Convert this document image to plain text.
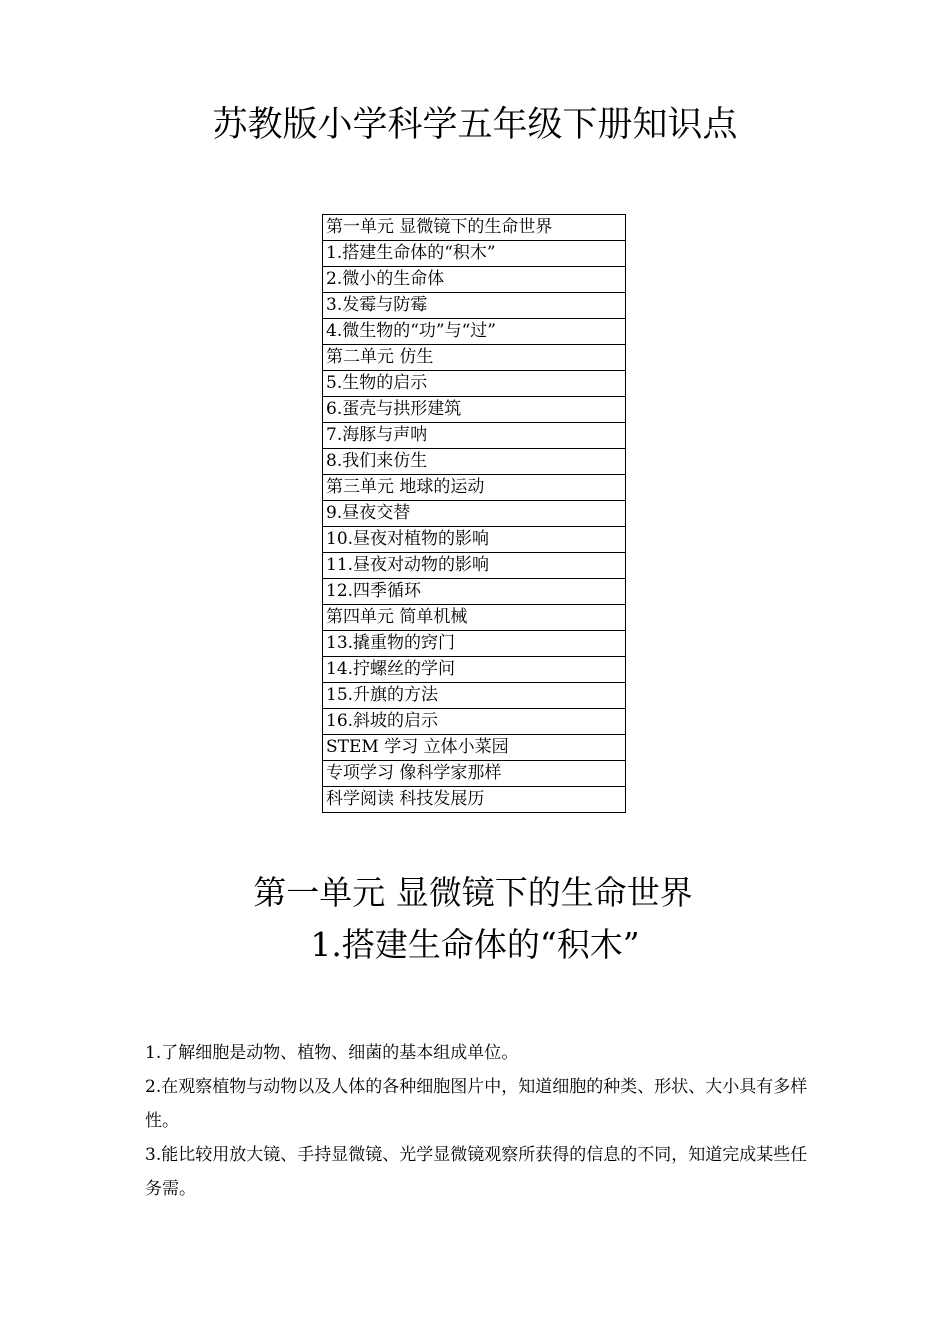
苏教版小学科学五年级下册知识点
第一单元 显微镜下的生命世界
1.搭建生命体的“积木”
2.微小的生命体
3.发霉与防霉
4.微生物的“功”与“过”
第二单元 仿生
5.生物的启示
6.蛋壳与拱形建筑
7.海豚与声呐
8.我们来仿生
第三单元 地球的运动
9.昼夜交替
10.昼夜对植物的影响
11.昼夜对动物的影响
12.四季循环
第四单元 简单机械
13.撬重物的窍门
14.拧螺丝的学问
15.升旗的方法
16.斜坡的启示
STEM 学习 立体小菜园
专项学习 像科学家那样
科学阅读 科技发展历
第一单元 显微镜下的生命世界
1.搭建生命体的“积木”
1.了解细胞是动物、植物、细菌的基本组成单位。
2.在观察植物与动物以及人体的各种细胞图片中，知道细胞的种类、形状、大小具有多样性。
3.能比较用放大镜、手持显微镜、光学显微镜观察所获得的信息的不同，知道完成某些任务需。
